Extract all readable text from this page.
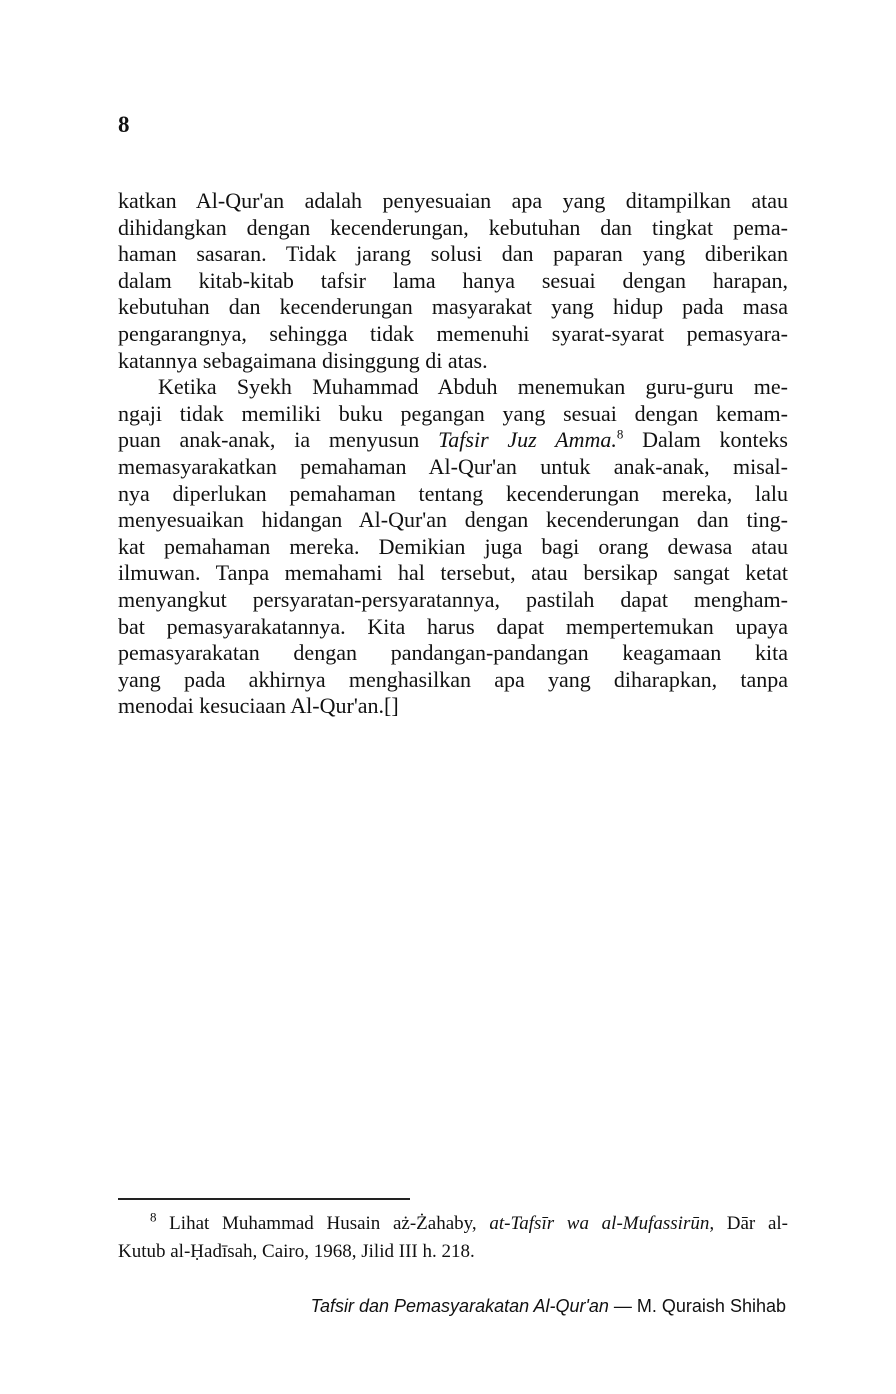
8
katkan Al-Qur'an adalah penyesuaian apa yang ditampilkan atau
dihidangkan dengan kecenderungan, kebutuhan dan tingkat pema-
haman sasaran. Tidak jarang solusi dan paparan yang diberikan
dalam kitab-kitab tafsir lama hanya sesuai dengan harapan,
kebutuhan dan kecenderungan masyarakat yang hidup pada masa
pengarangnya, sehingga tidak memenuhi syarat-syarat pemasyara-
katannya sebagaimana disinggung di atas.
Ketika Syekh Muhammad Abduh menemukan guru-guru me-
ngaji tidak memiliki buku pegangan yang sesuai dengan kemam-
puan anak-anak, ia menyusun Tafsir Juz Amma.$^8$ Dalam konteks
memasyarakatkan pemahaman Al-Qur'an untuk anak-anak, misal-
nya diperlukan pemahaman tentang kecenderungan mereka, lalu
menyesuaikan hidangan Al-Qur'an dengan kecenderungan dan ting-
kat pemahaman mereka. Demikian juga bagi orang dewasa atau
ilmuwan. Tanpa memahami hal tersebut, atau bersikap sangat ketat
menyangkut persyaratan-persyaratannya, pastilah dapat mengham-
bat pemasyarakatannya. Kita harus dapat mempertemukan upaya
pemasyarakatan dengan pandangan-pandangan keagamaan kita
yang pada akhirnya menghasilkan apa yang diharapkan, tanpa
menodai kesuciaan Al-Qur'an.[]
$^8$ Lihat Muhammad Husain aż-Żahaby, at-Tafsīr wa al-Mufassirūn, Dār al-
Kutub al-Ḥadīsah, Cairo, 1968, Jilid III h. 218.
Tafsir dan Pemasyarakatan Al-Qur'an — M. Quraish Shihab
